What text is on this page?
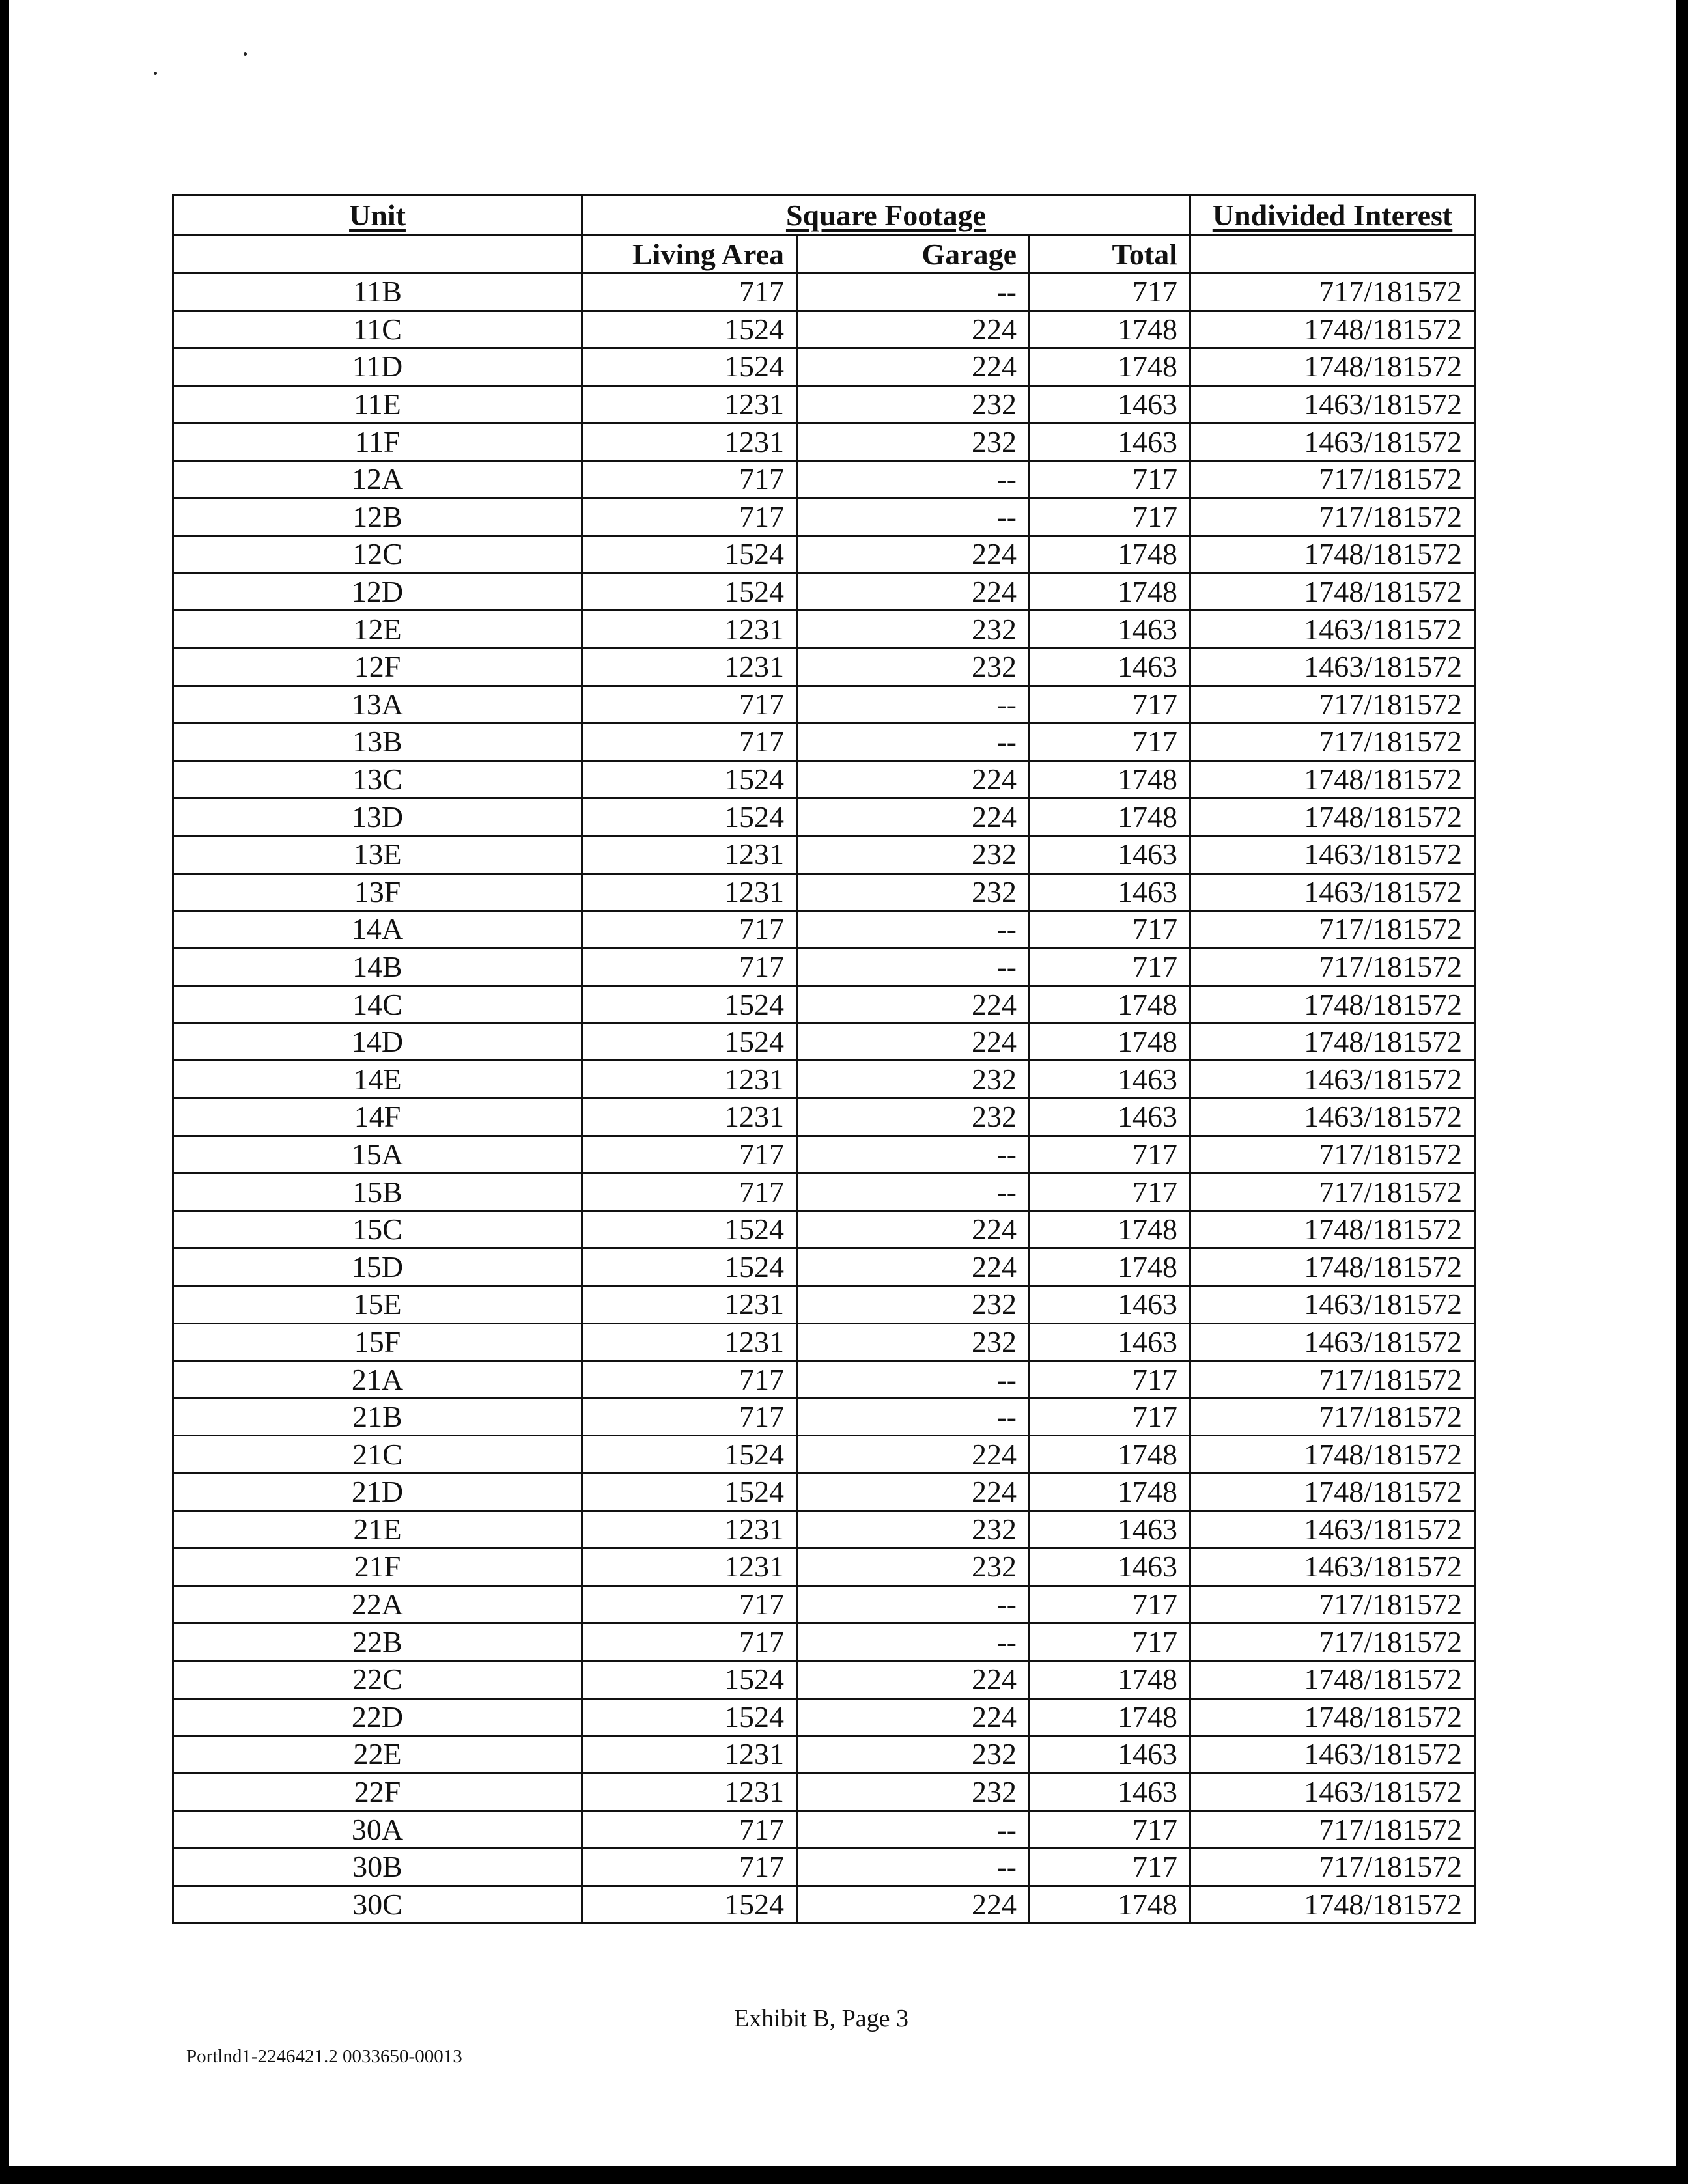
Unit	Square Footage			Undivided Interest
	Living Area	Garage	Total	
11B	717	--	717	717/181572
11C	1524	224	1748	1748/181572
11D	1524	224	1748	1748/181572
11E	1231	232	1463	1463/181572
11F	1231	232	1463	1463/181572
12A	717	--	717	717/181572
12B	717	--	717	717/181572
12C	1524	224	1748	1748/181572
12D	1524	224	1748	1748/181572
12E	1231	232	1463	1463/181572
12F	1231	232	1463	1463/181572
13A	717	--	717	717/181572
13B	717	--	717	717/181572
13C	1524	224	1748	1748/181572
13D	1524	224	1748	1748/181572
13E	1231	232	1463	1463/181572
13F	1231	232	1463	1463/181572
14A	717	--	717	717/181572
14B	717	--	717	717/181572
14C	1524	224	1748	1748/181572
14D	1524	224	1748	1748/181572
14E	1231	232	1463	1463/181572
14F	1231	232	1463	1463/181572
15A	717	--	717	717/181572
15B	717	--	717	717/181572
15C	1524	224	1748	1748/181572
15D	1524	224	1748	1748/181572
15E	1231	232	1463	1463/181572
15F	1231	232	1463	1463/181572
21A	717	--	717	717/181572
21B	717	--	717	717/181572
21C	1524	224	1748	1748/181572
21D	1524	224	1748	1748/181572
21E	1231	232	1463	1463/181572
21F	1231	232	1463	1463/181572
22A	717	--	717	717/181572
22B	717	--	717	717/181572
22C	1524	224	1748	1748/181572
22D	1524	224	1748	1748/181572
22E	1231	232	1463	1463/181572
22F	1231	232	1463	1463/181572
30A	717	--	717	717/181572
30B	717	--	717	717/181572
30C	1524	224	1748	1748/181572
Exhibit B, Page 3
Portlnd1-2246421.2 0033650-00013
